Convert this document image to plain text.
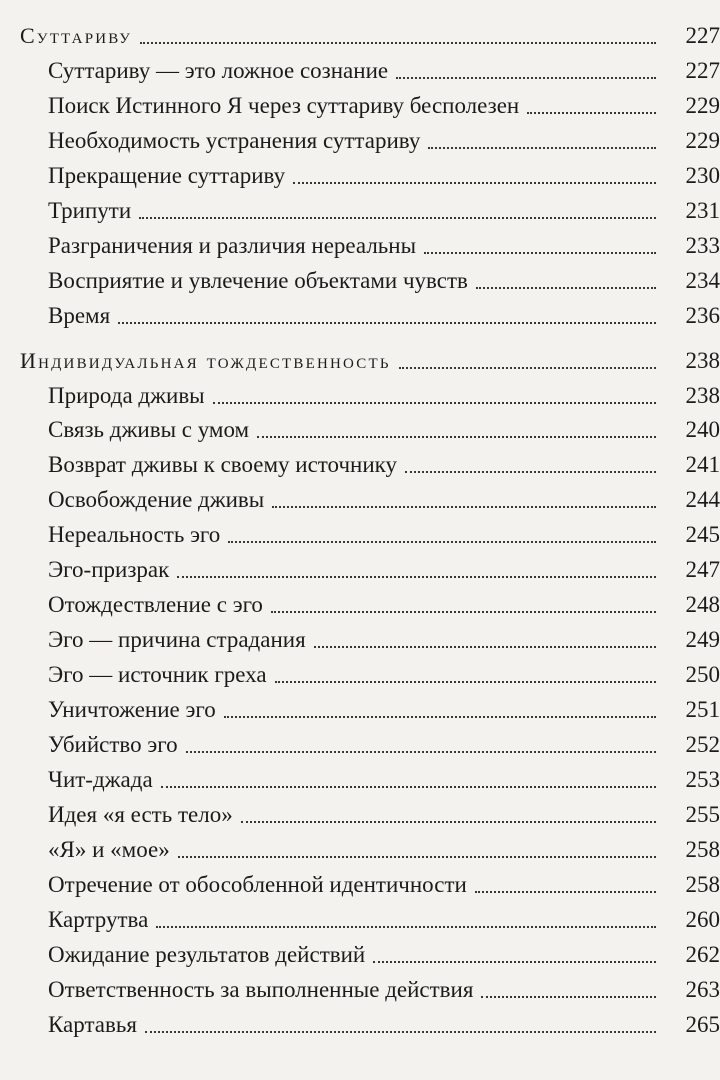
Суттариву	227
Суттариву — это ложное сознание	227
Поиск Истинного Я через суттариву бесполезен	229
Необходимость устранения суттариву	229
Прекращение суттариву	230
Трипути	231
Разграничения и различия нереальны	233
Восприятие и увлечение объектами чувств	234
Время	236
Индивидуальная тождественность	238
Природа дживы	238
Связь дживы с умом	240
Возврат дживы к своему источнику	241
Освобождение дживы	244
Нереальность эго	245
Эго-призрак	247
Отождествление с эго	248
Эго — причина страдания	249
Эго — источник греха	250
Уничтожение эго	251
Убийство эго	252
Чит-джада	253
Идея «я есть тело»	255
«Я» и «мое»	258
Отречение от обособленной идентичности	258
Картрутва	260
Ожидание результатов действий	262
Ответственность за выполненные действия	263
Картавья	265
